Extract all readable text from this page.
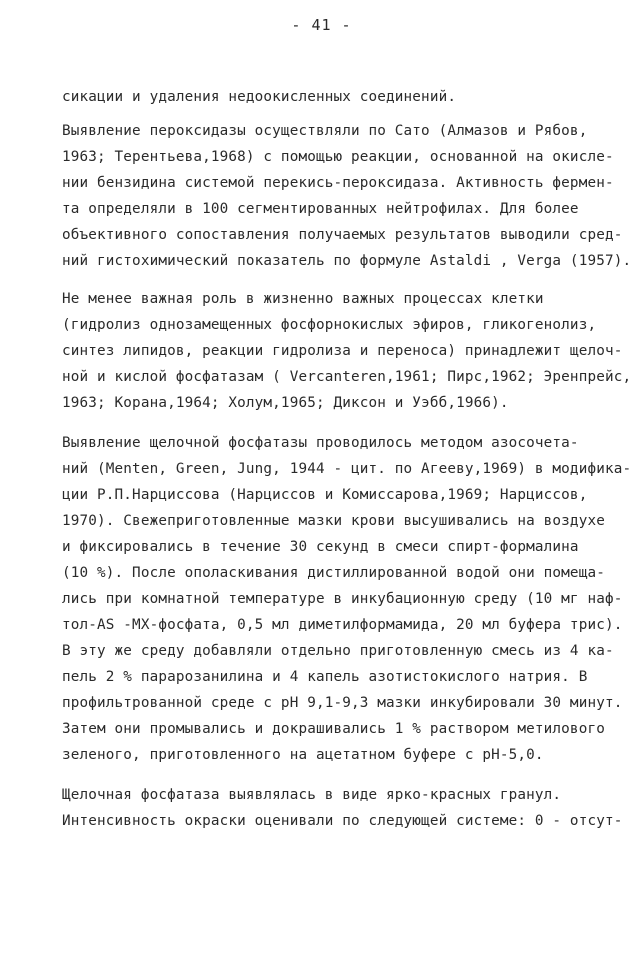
- 41 -
сикации и удаления недоокисленных соединений.
Выявление пероксидазы осуществляли по Сато (Алмазов и Рябов,
1963; Терентьева,1968) с помощью реакции, основанной на окисле-
нии бензидина системой перекись-пероксидаза. Активность фермен-
та определяли в 100 сегментированных нейтрофилах. Для более
объективного сопоставления получаемых результатов выводили сред-
ний гистохимический показатель по формуле Astaldi , Verga (1957).
Не менее важная роль в жизненно важных процессах клетки
(гидролиз однозамещенных фосфорнокислых эфиров, гликогенолиз,
синтез липидов, реакции гидролиза и переноса) принадлежит щелоч-
ной и кислой фосфатазам ( Vercanteren,1961; Пирс,1962; Эренпрейс,
1963; Корана,1964; Холум,1965; Диксон и Уэбб,1966).
Выявление щелочной фосфатазы проводилось методом азосочета-
ний (Menten, Green, Jung, 1944 - цит. по Агееву,1969) в модифика-
ции Р.П.Нарциссова (Нарциссов и Комиссарова,1969; Нарциссов,
1970). Свежеприготовленные мазки крови высушивались на воздухе
и фиксировались в течение 30 секунд в смеси спирт-формалина
(10 %). После ополаскивания дистиллированной водой они помеща-
лись при комнатной температуре в инкубационную среду (10 мг наф-
тол-AS -MX-фосфата, 0,5 мл диметилформамида, 20 мл буфера трис).
В эту же среду добавляли отдельно приготовленную смесь из 4 ка-
пель 2 % парарозанилина и 4 капель азотистокислого натрия. В
профильтрованной среде с рН 9,1-9,3 мазки инкубировали 30 минут.
Затем они промывались и докрашивались 1 % раствором метилового
зеленого, приготовленного на ацетатном буфере с рН-5,0.
Щелочная фосфатаза выявлялась в виде ярко-красных гранул.
Интенсивность окраски оценивали по следующей системе: 0 - отсут-
